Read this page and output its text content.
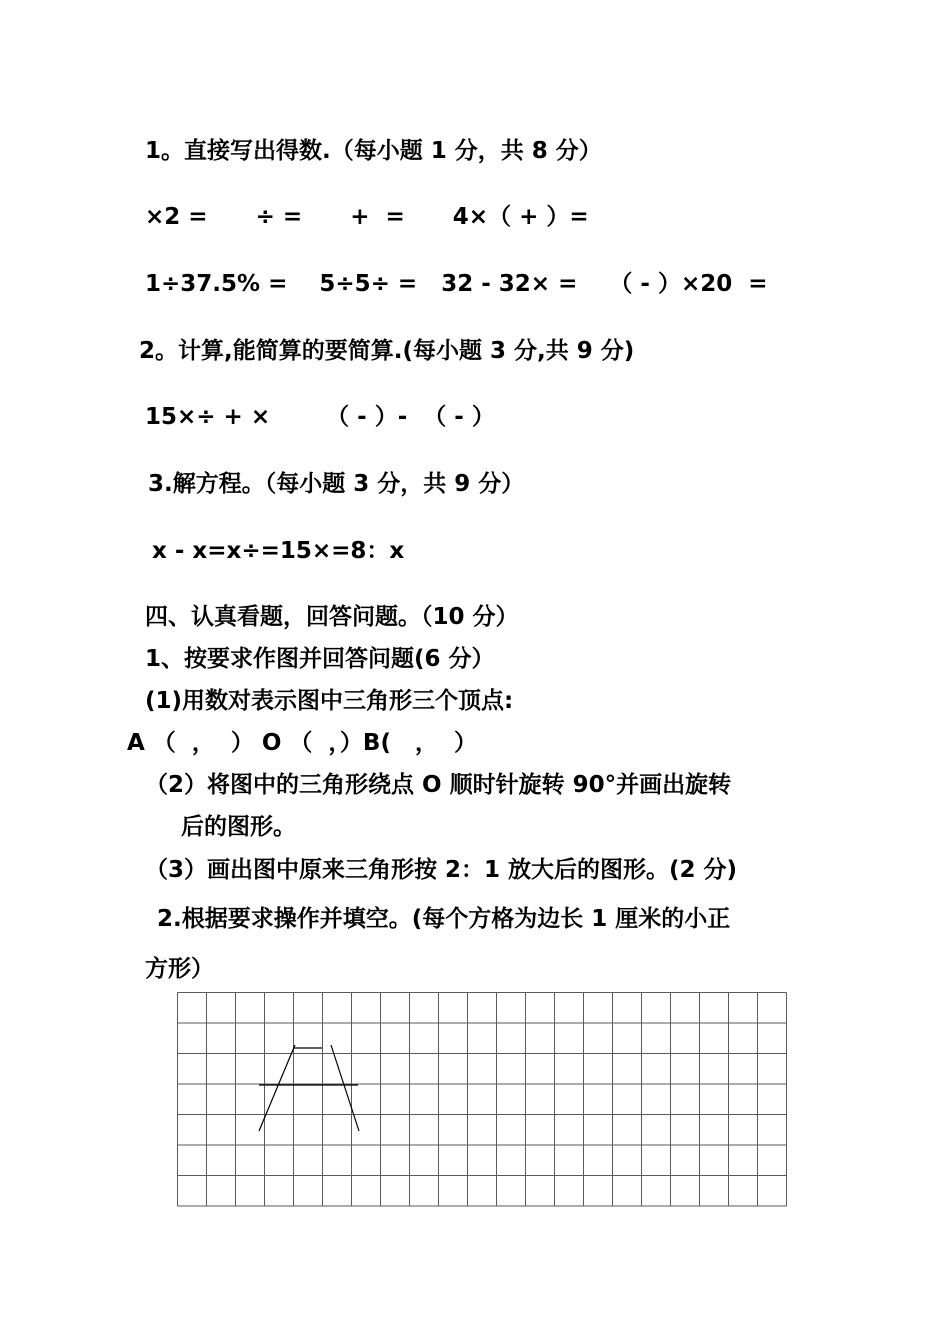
1。直接写出得数.（每小题 1 分，共 8 分）
×2 =      ÷ =      +  =      4×（ + ）=
1÷37.5% =    5÷5÷ =   32 - 32× =    （ - ）×20  =
2。计算,能简算的要简算.(每小题 3 分,共 9 分)
15×÷ + ×       （ - ）-  （ - ）
3.解方程。（每小题 3 分，共 9 分）
x - x=x÷=15×=8：x
四、认真看题，回答问题。（10 分）
1、按要求作图并回答问题(6 分）
(1)用数对表示图中三角形三个顶点:
A （  ，  ） O （  ，）B(   ，  ）
（2）将图中的三角形绕点 O 顺时针旋转 90°并画出旋转
后的图形。
（3）画出图中原来三角形按 2：1 放大后的图形。(2 分)
2.根据要求操作并填空。(每个方格为边长 1 厘米的小正
方形）
